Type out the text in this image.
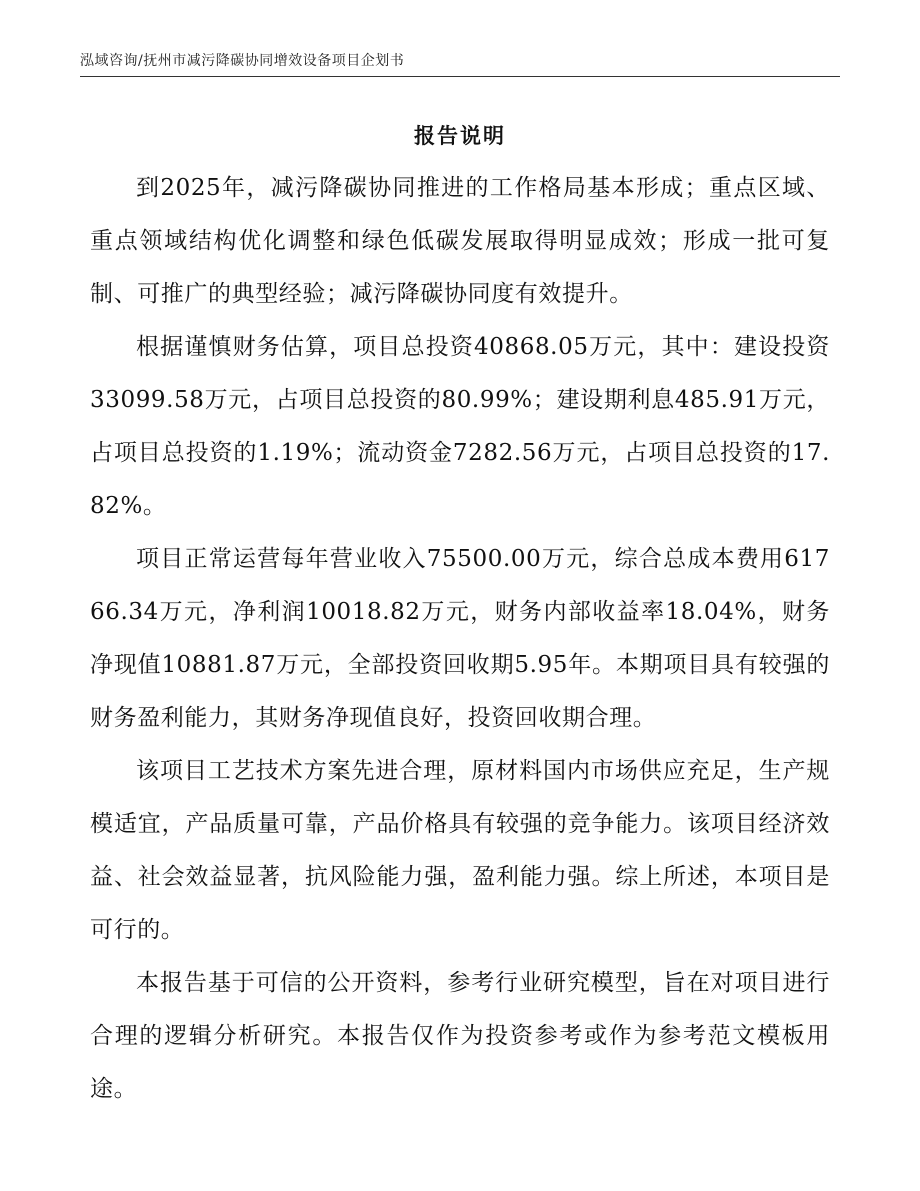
泓域咨询/抚州市减污降碳协同增效设备项目企划书
报告说明

到2025年，减污降碳协同推进的工作格局基本形成；重点区域、重点领域结构优化调整和绿色低碳发展取得明显成效；形成一批可复制、可推广的典型经验；减污降碳协同度有效提升。

根据谨慎财务估算，项目总投资40868.05万元，其中：建设投资33099.58万元，占项目总投资的80.99%；建设期利息485.91万元，占项目总投资的1.19%；流动资金7282.56万元，占项目总投资的17.82%。

项目正常运营每年营业收入75500.00万元，综合总成本费用61766.34万元，净利润10018.82万元，财务内部收益率18.04%，财务净现值10881.87万元，全部投资回收期5.95年。本期项目具有较强的财务盈利能力，其财务净现值良好，投资回收期合理。

该项目工艺技术方案先进合理，原材料国内市场供应充足，生产规模适宜，产品质量可靠，产品价格具有较强的竞争能力。该项目经济效益、社会效益显著，抗风险能力强，盈利能力强。综上所述，本项目是可行的。

本报告基于可信的公开资料，参考行业研究模型，旨在对项目进行合理的逻辑分析研究。本报告仅作为投资参考或作为参考范文模板用途。
